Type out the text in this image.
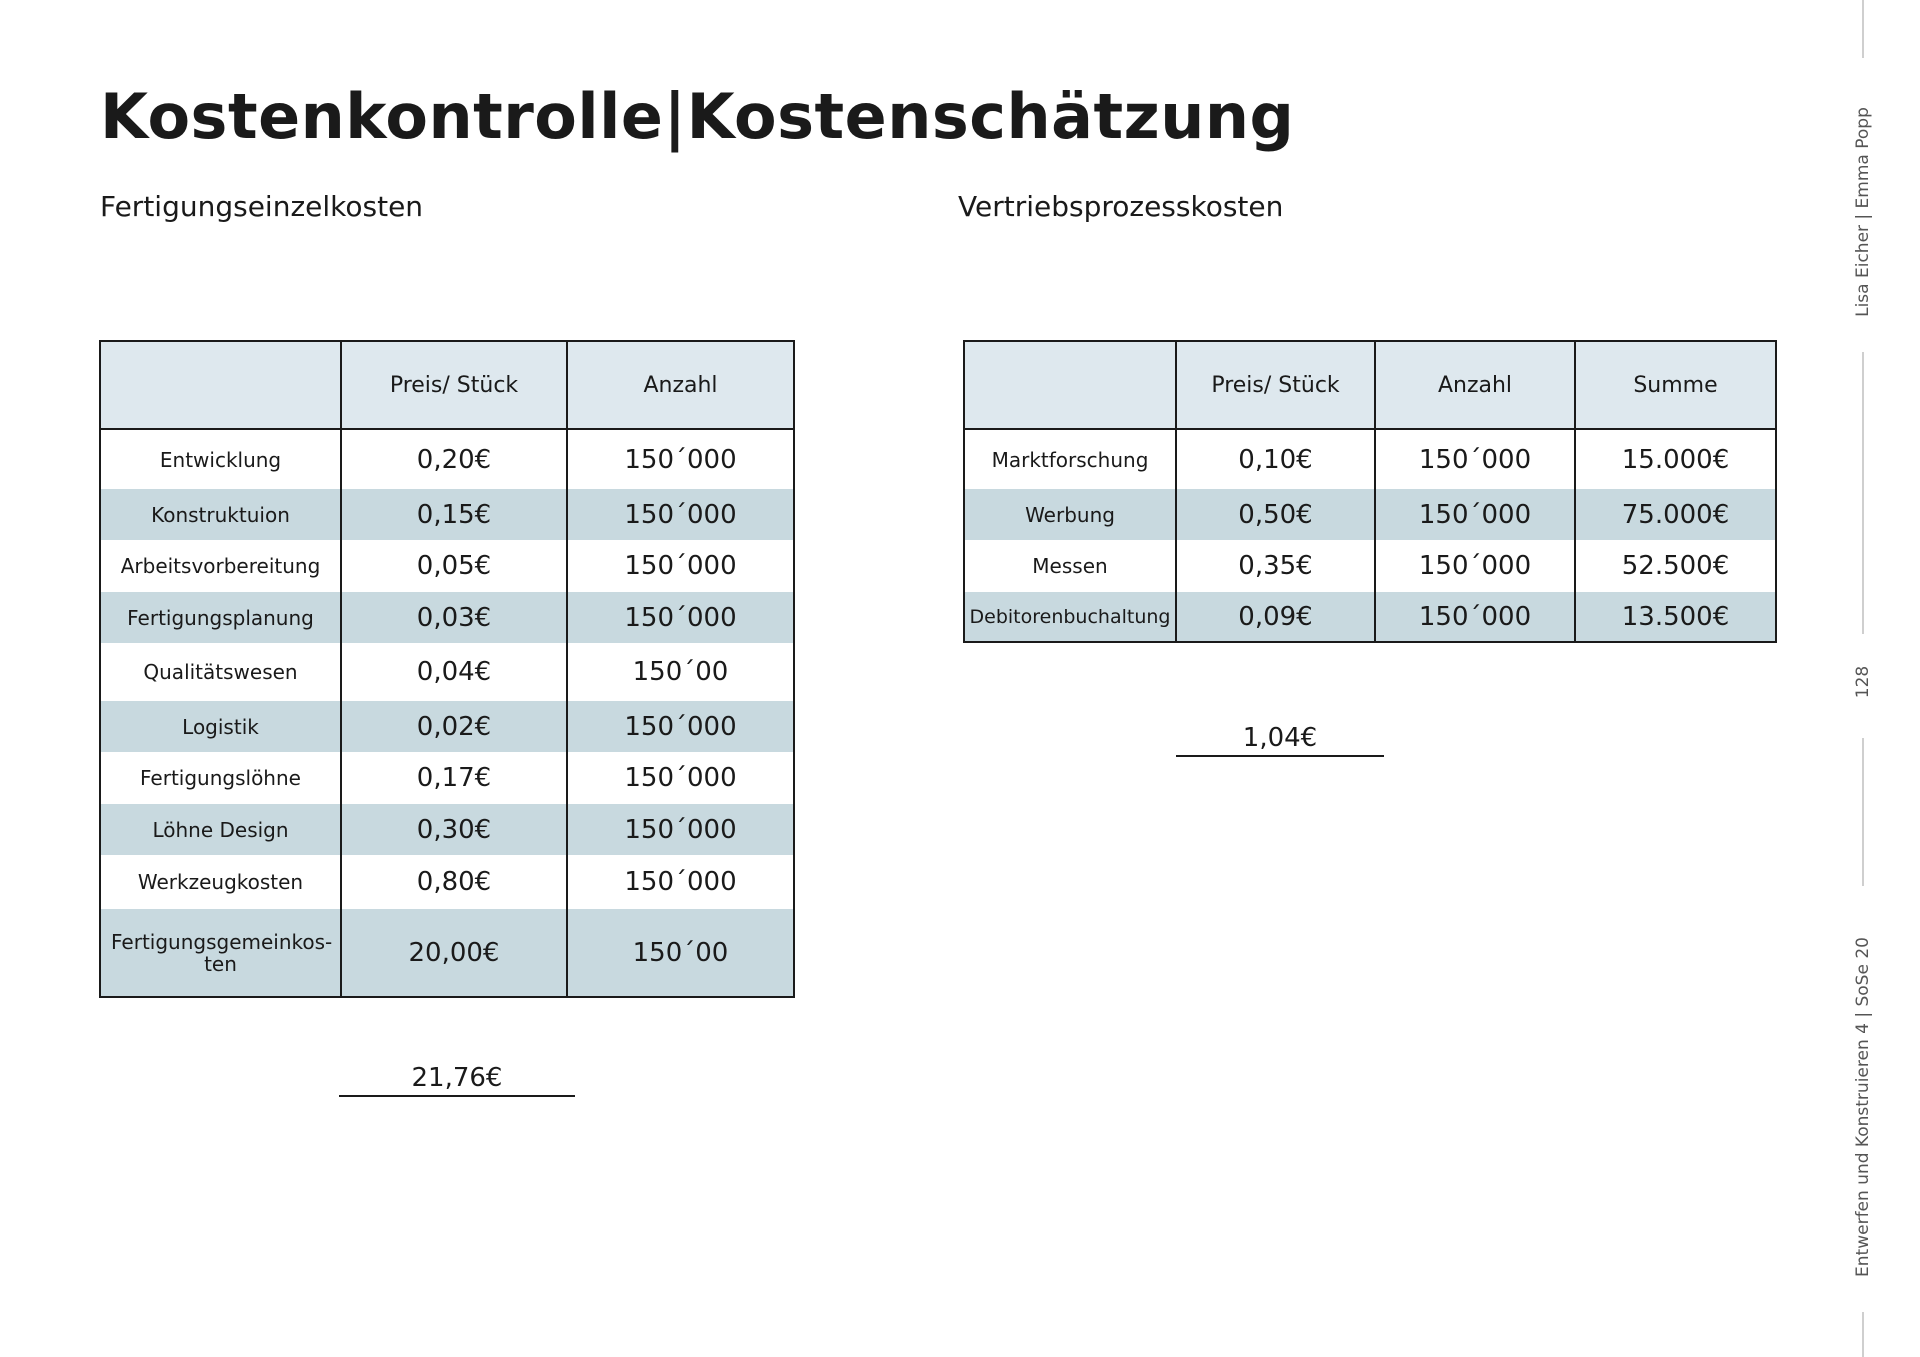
Kostenkontrolle|Kostenschätzung
Fertigungseinzelkosten	Vertriebsprozesskosten
	Preis/ Stück	Anzahl
Entwicklung	0,20€	150´000
Konstruktuion	0,15€	150´000
Arbeitsvorbereitung	0,05€	150´000
Fertigungsplanung	0,03€	150´000
Qualitätswesen	0,04€	150´00
Logistik	0,02€	150´000
Fertigungslöhne	0,17€	150´000
Löhne Design	0,30€	150´000
Werkzeugkosten	0,80€	150´000
Fertigungsgemeinkos-ten	20,00€	150´00
21,76€
	Preis/ Stück	Anzahl	Summe
Marktforschung	0,10€	150´000	15.000€
Werbung	0,50€	150´000	75.000€
Messen	0,35€	150´000	52.500€
Debitorenbuchaltung	0,09€	150´000	13.500€
1,04€
Lisa Eicher | Emma Popp
128
Entwerfen und Konstruieren 4 | SoSe 20
